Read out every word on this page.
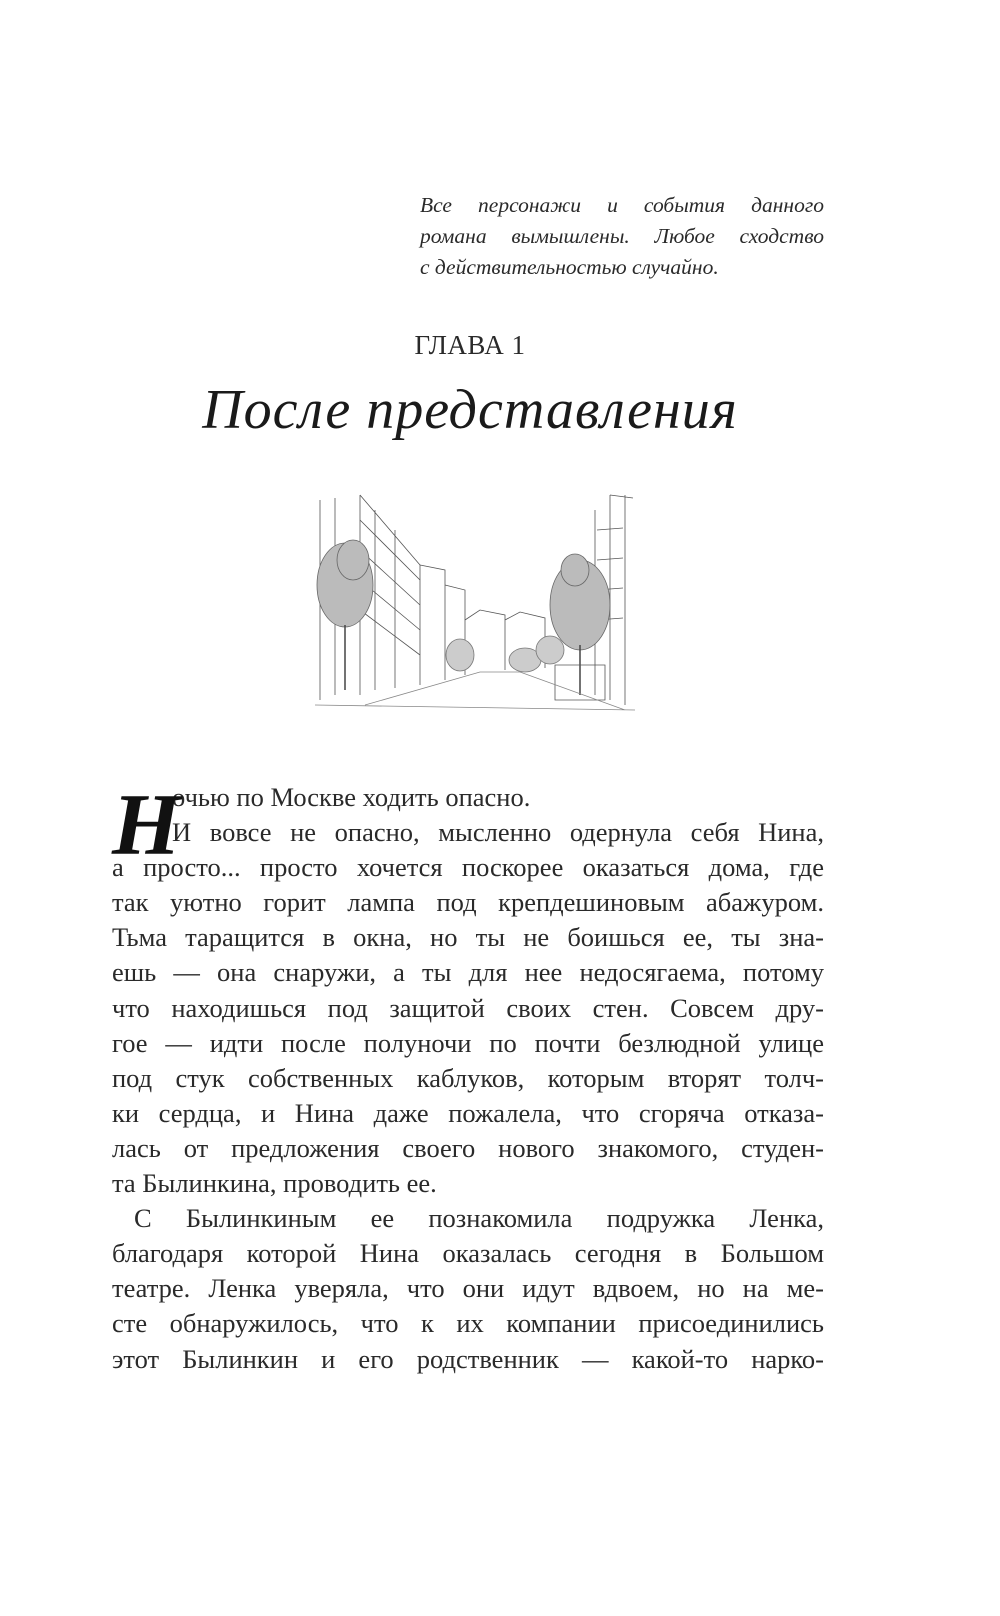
Все персонажи и события данного
романа вымышлены. Любое сходство
с действительностью случайно.
ГЛАВА 1
После представления
Н
очью по Москве ходить опасно.
И вовсе не опасно, мысленно одернула себя Нина,
а просто... просто хочется поскорее оказаться дома, где
так уютно горит лампа под крепдешиновым абажуром.
Тьма таращится в окна, но ты не боишься ее, ты зна-
ешь — она снаружи, а ты для нее недосягаема, потому
что находишься под защитой своих стен. Совсем дру-
гое — идти после полуночи по почти безлюдной улице
под стук собственных каблуков, которым вторят толч-
ки сердца, и Нина даже пожалела, что сгоряча отказа-
лась от предложения своего нового знакомого, студен-
та Былинкина, проводить ее.
С Былинкиным ее познакомила подружка Ленка,
благодаря которой Нина оказалась сегодня в Большом
театре. Ленка уверяла, что они идут вдвоем, но на ме-
сте обнаружилось, что к их компании присоединились
этот Былинкин и его родственник — какой-то нарко-
